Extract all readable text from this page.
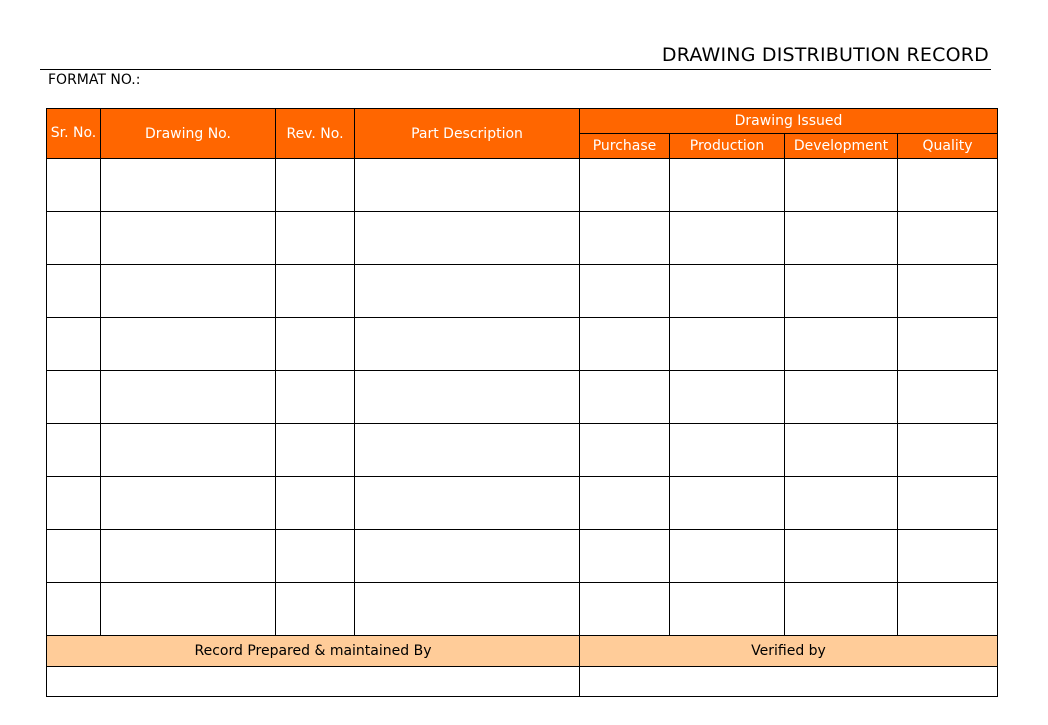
DRAWING DISTRIBUTION RECORD
FORMAT NO.:
Sr. No.	Drawing No.	Rev. No.	Part Description	Drawing Issued			
				Purchase	Production	Development	Quality

Record Prepared & maintained By				Verified by			
